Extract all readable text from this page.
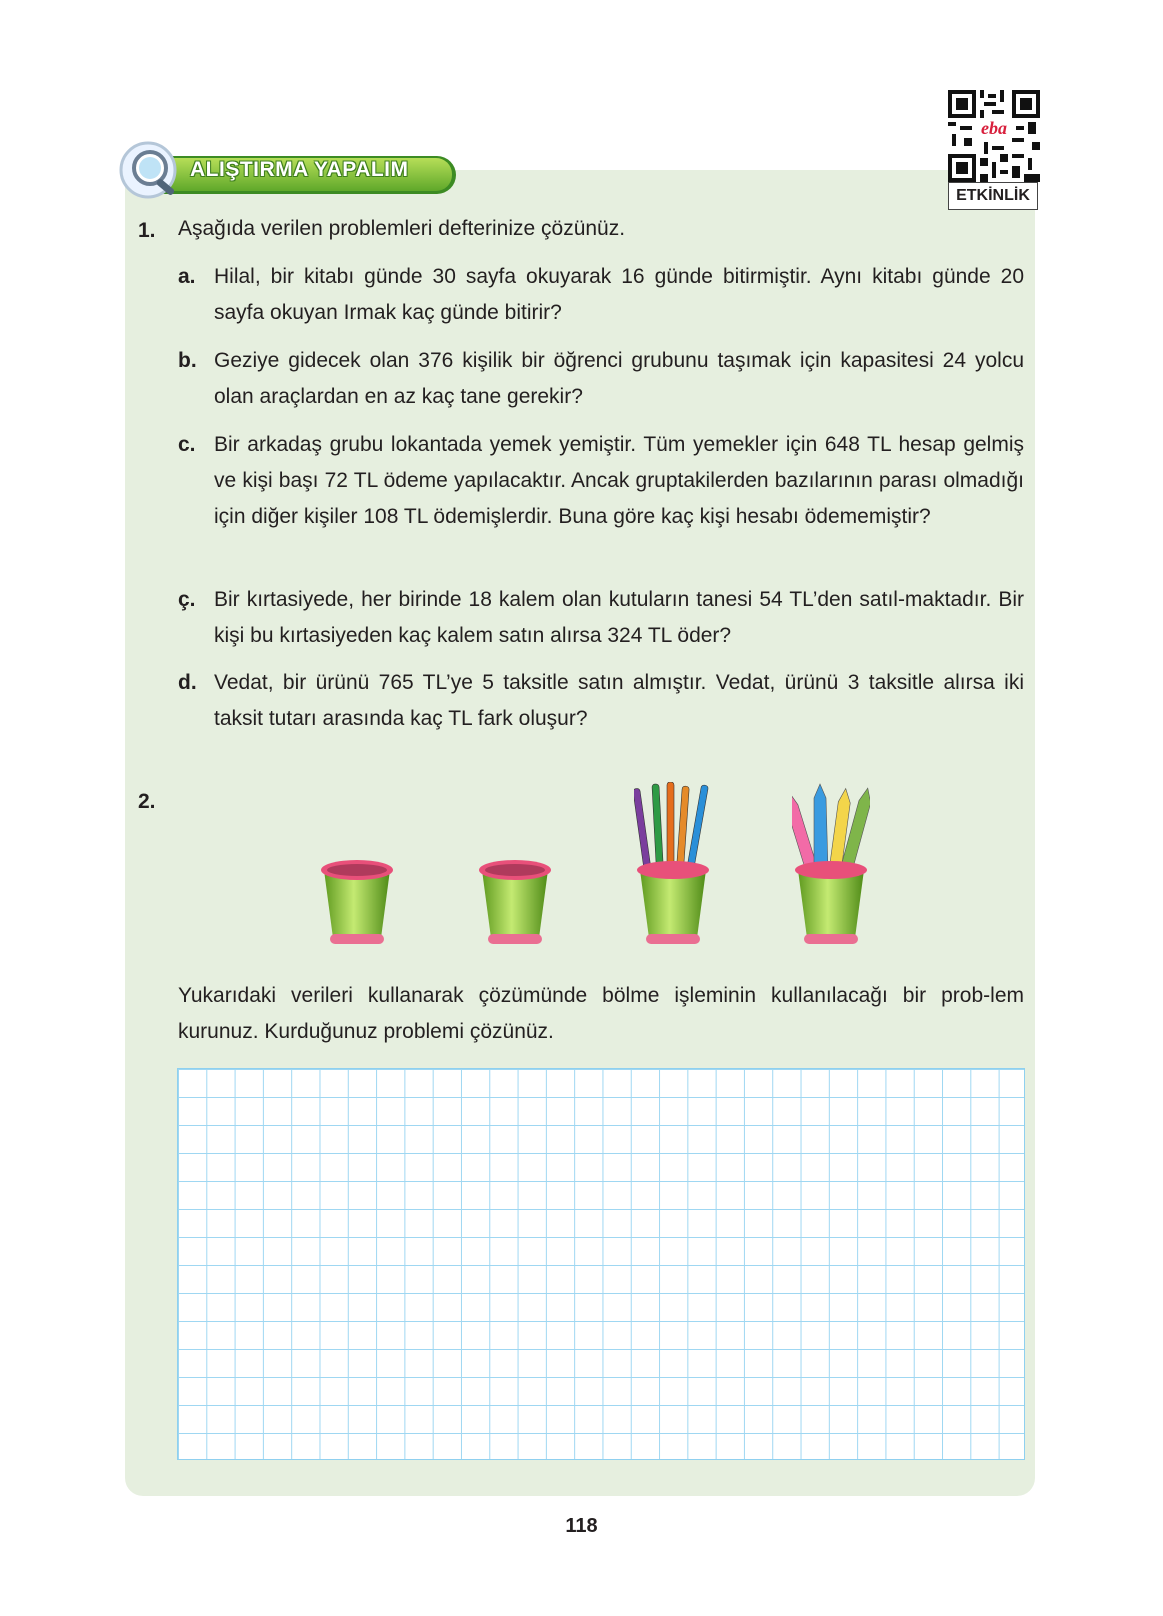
ALIŞTIRMA YAPALIM
eba
ETKİNLİK
1. Aşağıda verilen problemleri defterinize çözünüz.
a. Hilal, bir kitabı günde 30 sayfa okuyarak 16 günde bitirmiştir. Aynı kitabı günde 20 sayfa okuyan Irmak kaç günde bitirir?
b. Geziye gidecek olan 376 kişilik bir öğrenci grubunu taşımak için kapasitesi 24 yolcu olan araçlardan en az kaç tane gerekir?
c. Bir arkadaş grubu lokantada yemek yemiştir. Tüm yemekler için 648 TL hesap gelmiş ve kişi başı 72 TL ödeme yapılacaktır. Ancak gruptakilerden bazılarının parası olmadığı için diğer kişiler 108 TL ödemişlerdir. Buna göre kaç kişi hesabı ödememiştir?
ç. Bir kırtasiyede, her birinde 18 kalem olan kutuların tanesi 54 TL’den satıl-maktadır. Bir kişi bu kırtasiyeden kaç kalem satın alırsa 324 TL öder?
d. Vedat, bir ürünü 765 TL’ye 5 taksitle satın almıştır. Vedat, ürünü 3 taksitle alırsa iki taksit tutarı arasında kaç TL fark oluşur?
2.
Yukarıdaki verileri kullanarak çözümünde bölme işleminin kullanılacağı bir prob-lem kurunuz. Kurduğunuz problemi çözünüz.
118
